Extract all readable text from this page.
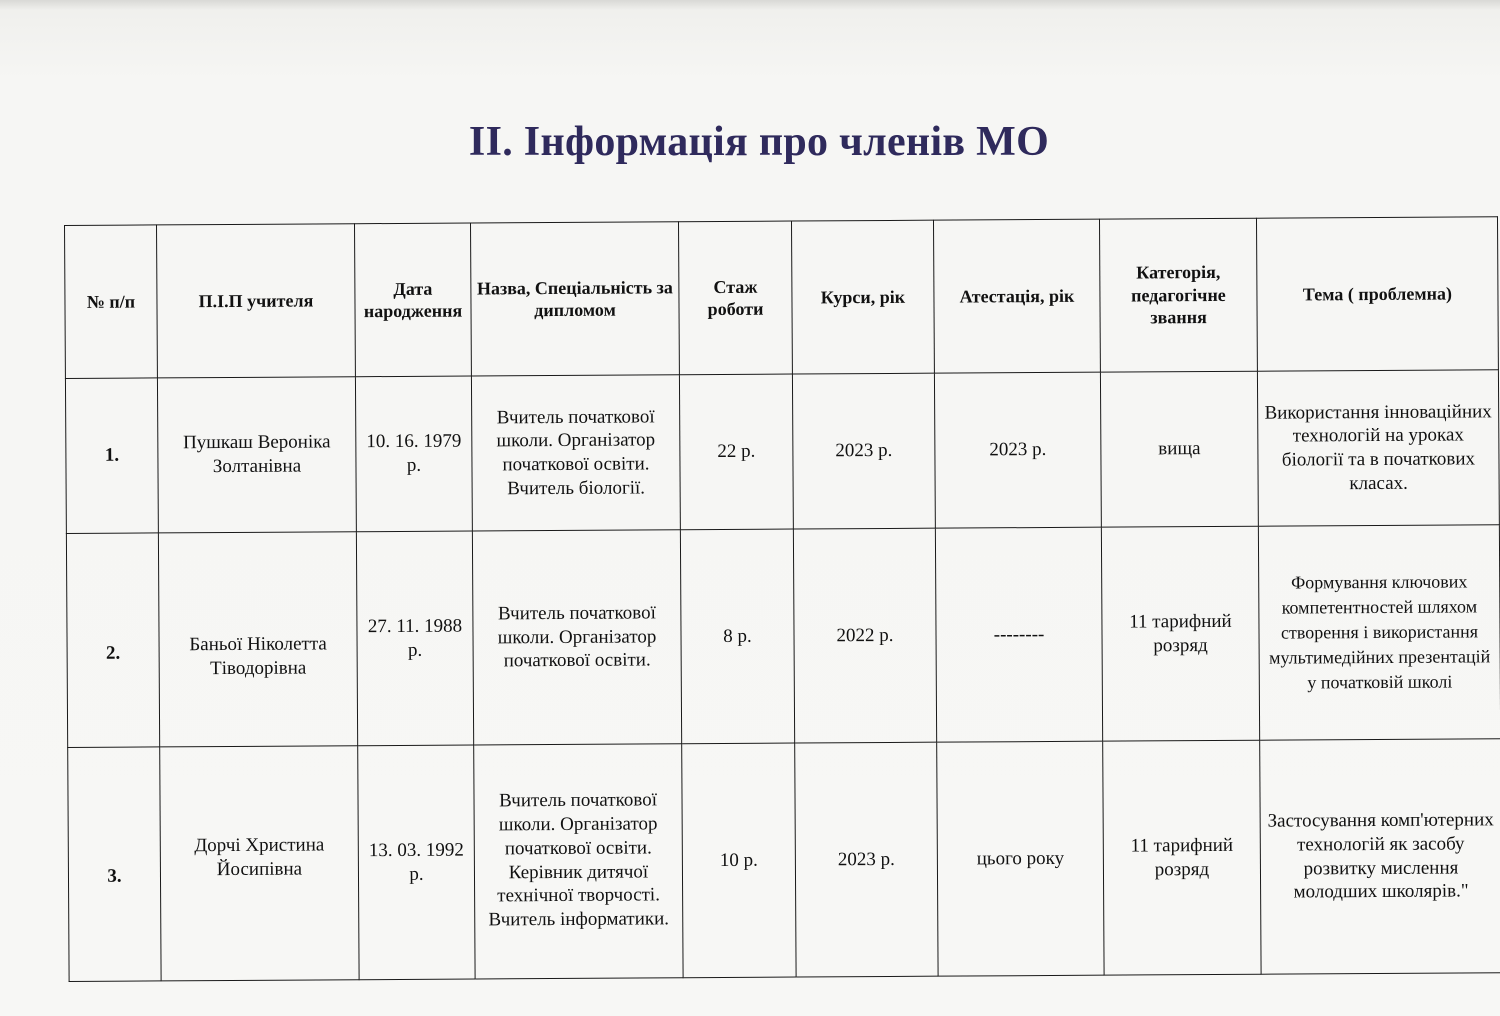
ІІ. Інформація про членів МО
№ п/п	П.І.П учителя	Дата народження	Назва, Спеціальність за дипломом	Стаж роботи	Курси, рік	Атестація, рік	Категорія, педагогічне звання	Тема ( проблемна)
1.	Пушкаш Вероніка Золтанівна	10. 16. 1979 р.	Вчитель початкової школи. Організатор початкової освіти. Вчитель біології.	22 р.	2023 р.	2023 р.	вища	Використання інноваційних технологій на уроках біології та в початкових класах.
2.	Баньої Ніколетта Тіводорівна	27. 11. 1988 р.	Вчитель початкової школи. Організатор початкової освіти.	8 р.	2022 р.	--------	11 тарифний розряд	Формування ключових компетентностей шляхом створення і використання мультимедійних презентацій у початковій школі
3.	Дорчі Христина Йосипівна	13. 03. 1992 р.	Вчитель початкової школи. Організатор початкової освіти. Керівник дитячої технічної творчості. Вчитель інформатики.	10 р.	2023 р.	цього року	11 тарифний розряд	Застосування комп'ютерних технологій як засобу розвитку мислення молодших школярів."
